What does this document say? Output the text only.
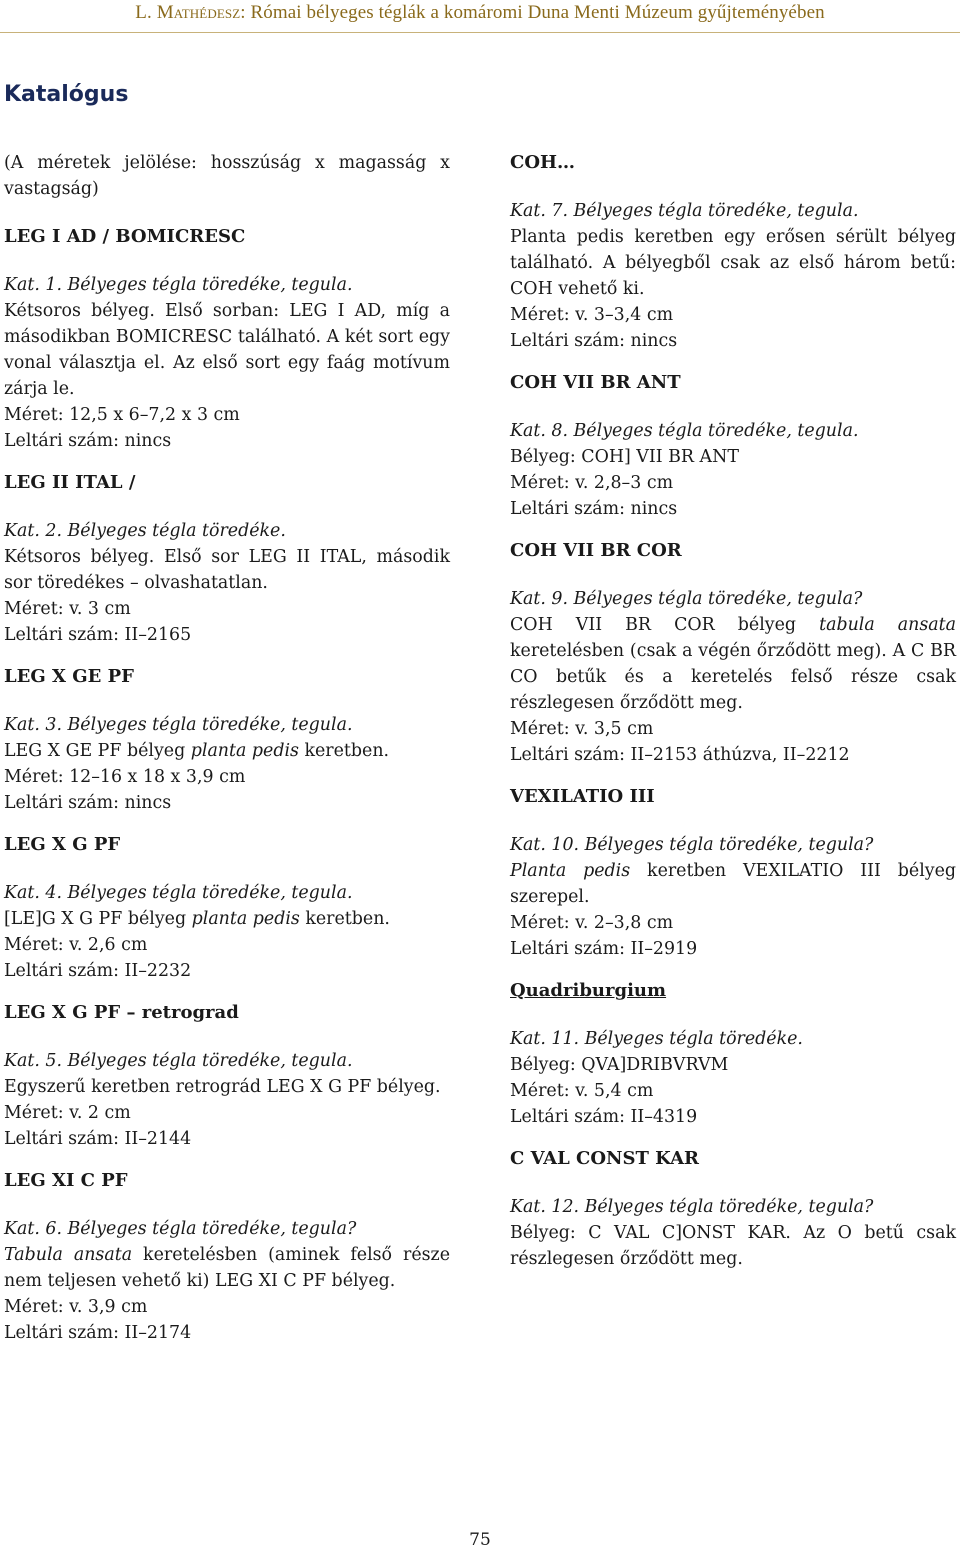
L. Mathédesz: Római bélyeges téglák a komáromi Duna Menti Múzeum gyűjteményében
Katalógus

(A méretek jelölése: hosszúság x magasság x vastagság)

LEG I AD / BOMICRESC

Kat. 1. Bélyeges tégla töredéke, tegula.

Kétsoros bélyeg. Első sorban: LEG I AD, míg a másodikban BOMICRESC található. A két sort egy vonal választja el. Az első sort egy faág motívum zárja le.

Méret: 12,5 x 6–7,2 x 3 cm

Leltári szám: nincs

LEG II ITAL /

Kat. 2. Bélyeges tégla töredéke.

Kétsoros bélyeg. Első sor LEG II ITAL, második sor töredékes – olvashatatlan.

Méret: v. 3 cm

Leltári szám: II–2165

LEG X GE PF

Kat. 3. Bélyeges tégla töredéke, tegula.

LEG X GE PF bélyeg planta pedis keretben.

Méret: 12–16 x 18 x 3,9 cm

Leltári szám: nincs

LEG X G PF

Kat. 4. Bélyeges tégla töredéke, tegula.

[LE]G X G PF bélyeg planta pedis keretben.

Méret: v. 2,6 cm

Leltári szám: II–2232

LEG X G PF – retrograd

Kat. 5. Bélyeges tégla töredéke, tegula.

Egyszerű keretben retrográd LEG X G PF bélyeg.

Méret: v. 2 cm

Leltári szám: II–2144

LEG XI C PF

Kat. 6. Bélyeges tégla töredéke, tegula?

Tabula ansata keretelésben (aminek felső része nem teljesen vehető ki) LEG XI C PF bélyeg.

Méret: v. 3,9 cm

Leltári szám: II–2174

COH…

Kat. 7. Bélyeges tégla töredéke, tegula.

Planta pedis keretben egy erősen sérült bélyeg található. A bélyegből csak az első három betű: COH vehető ki.

Méret: v. 3–3,4 cm

Leltári szám: nincs

COH VII BR ANT

Kat. 8. Bélyeges tégla töredéke, tegula.

Bélyeg: COH] VII BR ANT

Méret: v. 2,8–3 cm

Leltári szám: nincs

COH VII BR COR

Kat. 9. Bélyeges tégla töredéke, tegula?

COH VII BR COR bélyeg tabula ansata keretelésben (csak a végén őrződött meg). A C BR CO betűk és a keretelés felső része csak részlegesen őrződött meg.

Méret: v. 3,5 cm

Leltári szám: II–2153 áthúzva, II–2212

VEXILATIO III

Kat. 10. Bélyeges tégla töredéke, tegula?

Planta pedis keretben VEXILATIO III bélyeg szerepel.

Méret: v. 2–3,8 cm

Leltári szám: II–2919

Quadriburgium

Kat. 11. Bélyeges tégla töredéke.

Bélyeg: QVA]DRIBVRVM

Méret: v. 5,4 cm

Leltári szám: II–4319

C VAL CONST KAR

Kat. 12. Bélyeges tégla töredéke, tegula?

Bélyeg: C VAL C]ONST KAR. Az O betű csak részlegesen őrződött meg.

75
